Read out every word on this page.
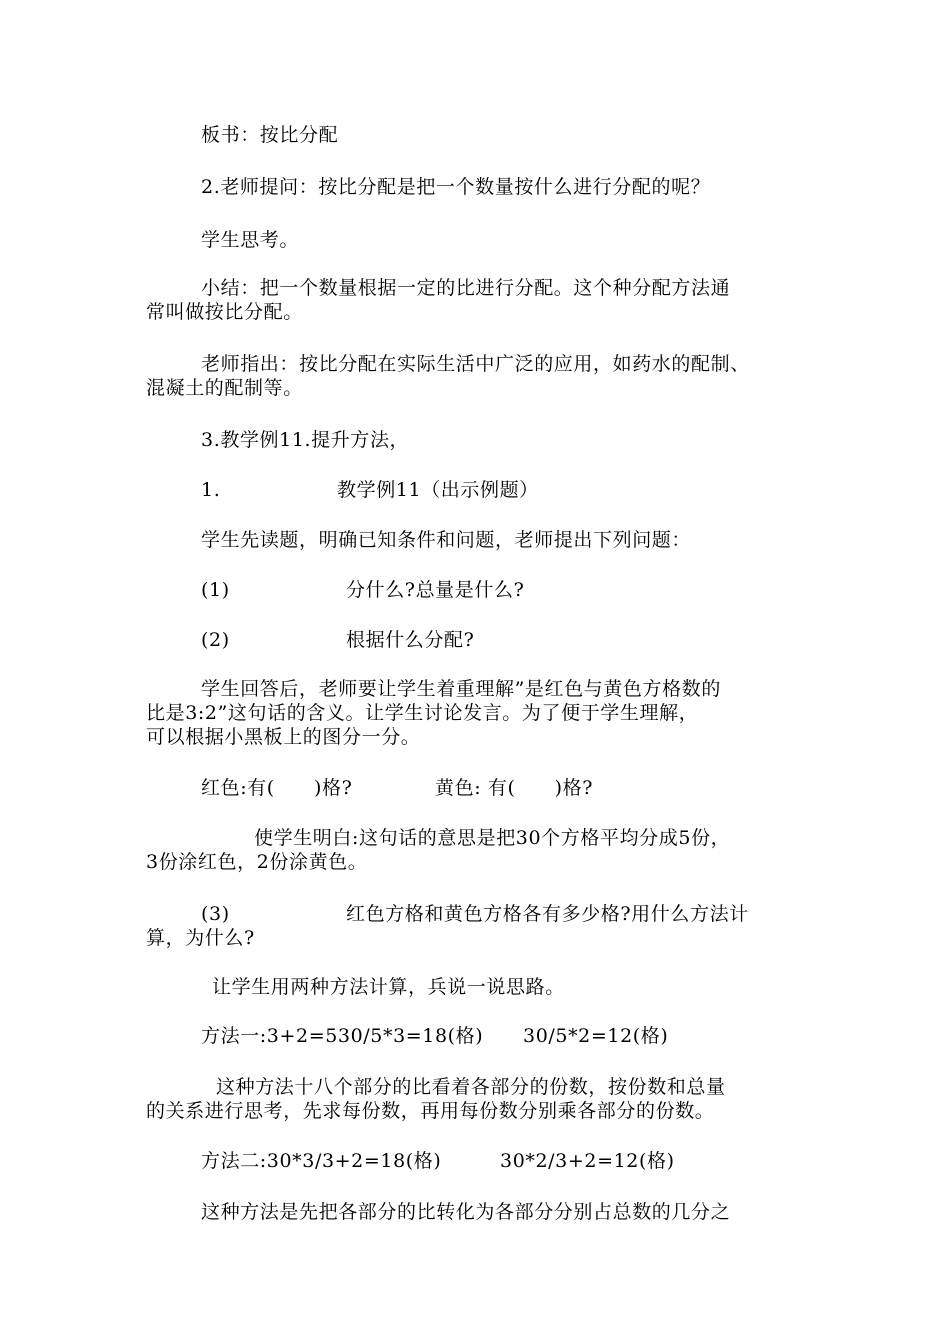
板书：按比分配
2.老师提问：按比分配是把一个数量按什么进行分配的呢？
学生思考。
小结：把一个数量根据一定的比进行分配。这个种分配方法通
常叫做按比分配。
老师指出：按比分配在实际生活中广泛的应用，如药水的配制、
混凝土的配制等。
3.教学例11.提升方法，
1.	教学例11（出示例题）
学生先读题，明确已知条件和问题，老师提出下列问题：
(1)	分什么?总量是什么?
(2)	根据什么分配?
学生回答后，老师要让学生着重理解”是红色与黄色方格数的
比是3:2”这句话的含义。让学生讨论发言。为了便于学生理解，
可以根据小黑板上的图分一分。
红色:有(　　)格?	黄色: 有(　　)格?
使学生明白:这句话的意思是把30个方格平均分成5份，
3份涂红色，2份涂黄色。
(3)	红色方格和黄色方格各有多少格?用什么方法计
算，为什么?
让学生用两种方法计算，兵说一说思路。
方法一:3+2=530/5*3=18(格) 30/5*2=12(格)
这种方法十八个部分的比看着各部分的份数，按份数和总量
的关系进行思考，先求每份数，再用每份数分别乘各部分的份数。
方法二:30*3/3+2=18(格)	30*2/3+2=12(格)
这种方法是先把各部分的比转化为各部分分别占总数的几分之
